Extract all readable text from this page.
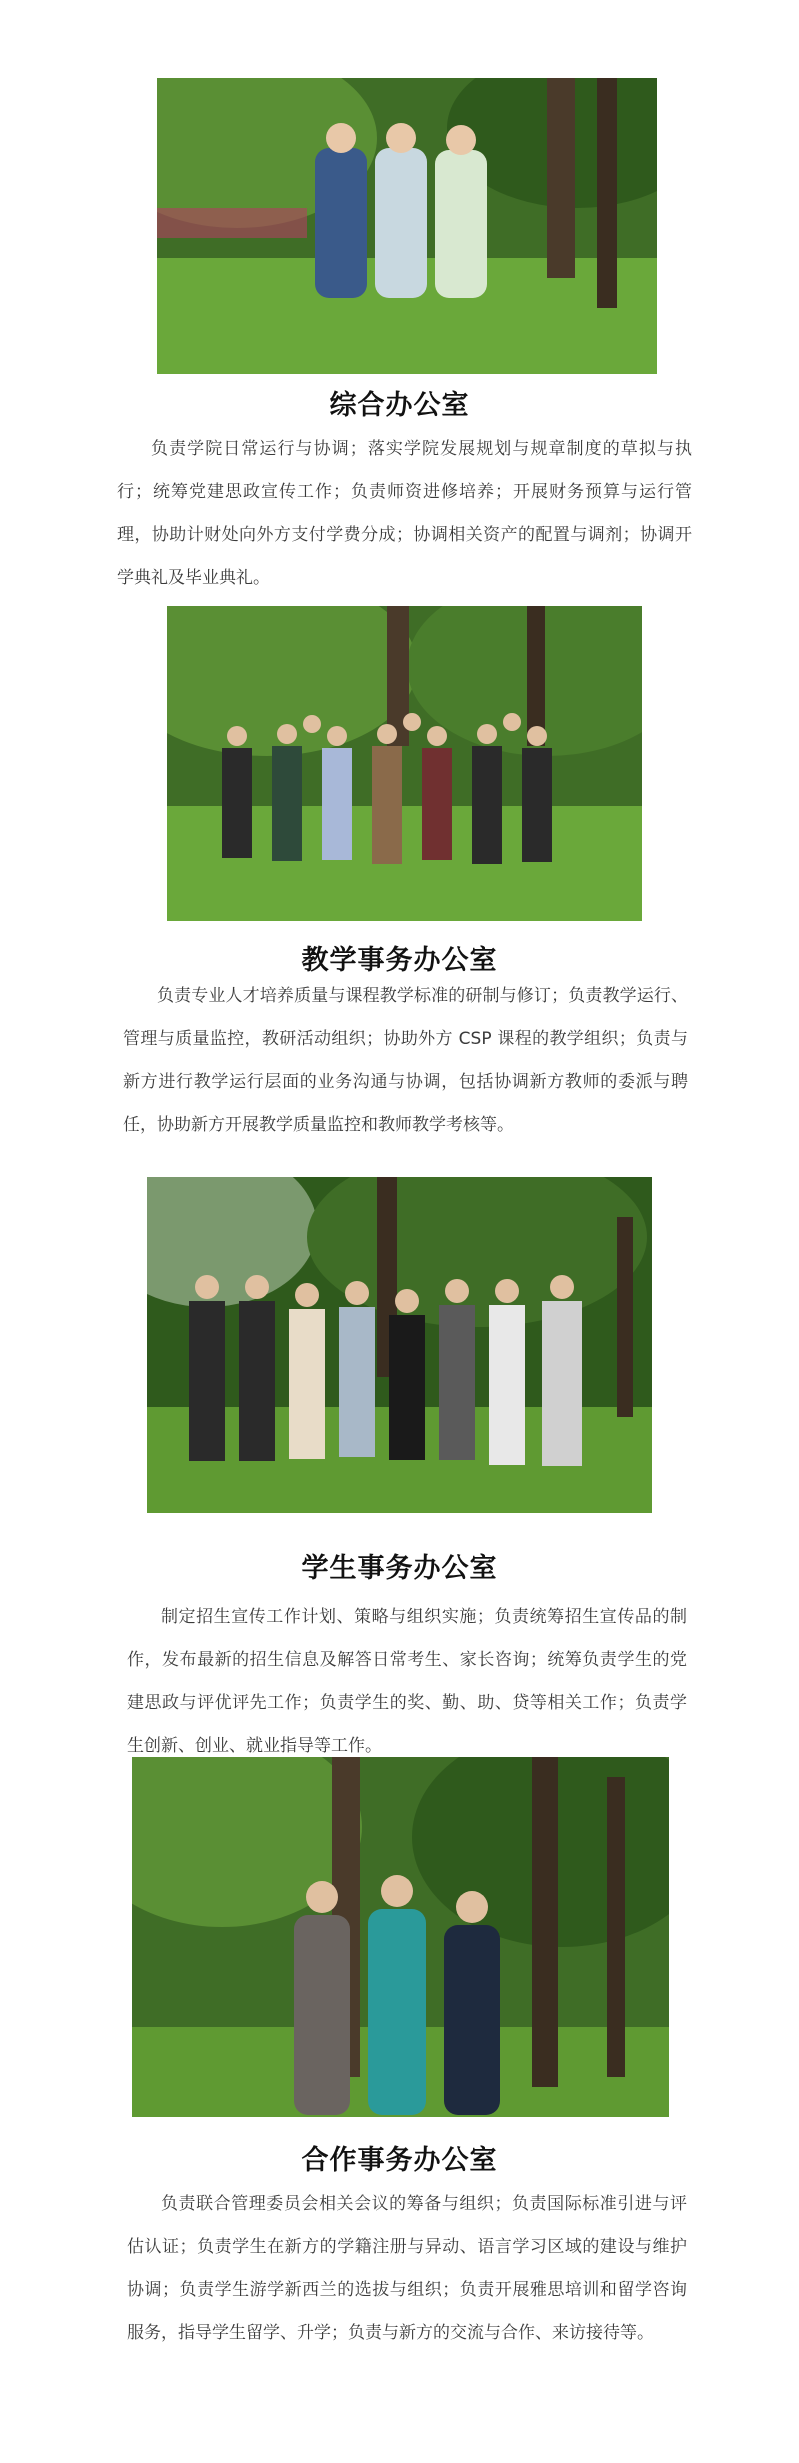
综合办公室

负责学院日常运行与协调；落实学院发展规划与规章制度的草拟与执行；统筹党建思政宣传工作；负责师资进修培养；开展财务预算与运行管理，协助计财处向外方支付学费分成；协调相关资产的配置与调剂；协调开学典礼及毕业典礼。

教学事务办公室

负责专业人才培养质量与课程教学标准的研制与修订；负责教学运行、管理与质量监控，教研活动组织；协助外方 CSP 课程的教学组织；负责与新方进行教学运行层面的业务沟通与协调，包括协调新方教师的委派与聘任，协助新方开展教学质量监控和教师教学考核等。

学生事务办公室

制定招生宣传工作计划、策略与组织实施；负责统筹招生宣传品的制作，发布最新的招生信息及解答日常考生、家长咨询；统筹负责学生的党建思政与评优评先工作；负责学生的奖、勤、助、贷等相关工作；负责学生创新、创业、就业指导等工作。

合作事务办公室

负责联合管理委员会相关会议的筹备与组织；负责国际标准引进与评估认证；负责学生在新方的学籍注册与异动、语言学习区域的建设与维护协调；负责学生游学新西兰的选拔与组织；负责开展雅思培训和留学咨询服务，指导学生留学、升学；负责与新方的交流与合作、来访接待等。
